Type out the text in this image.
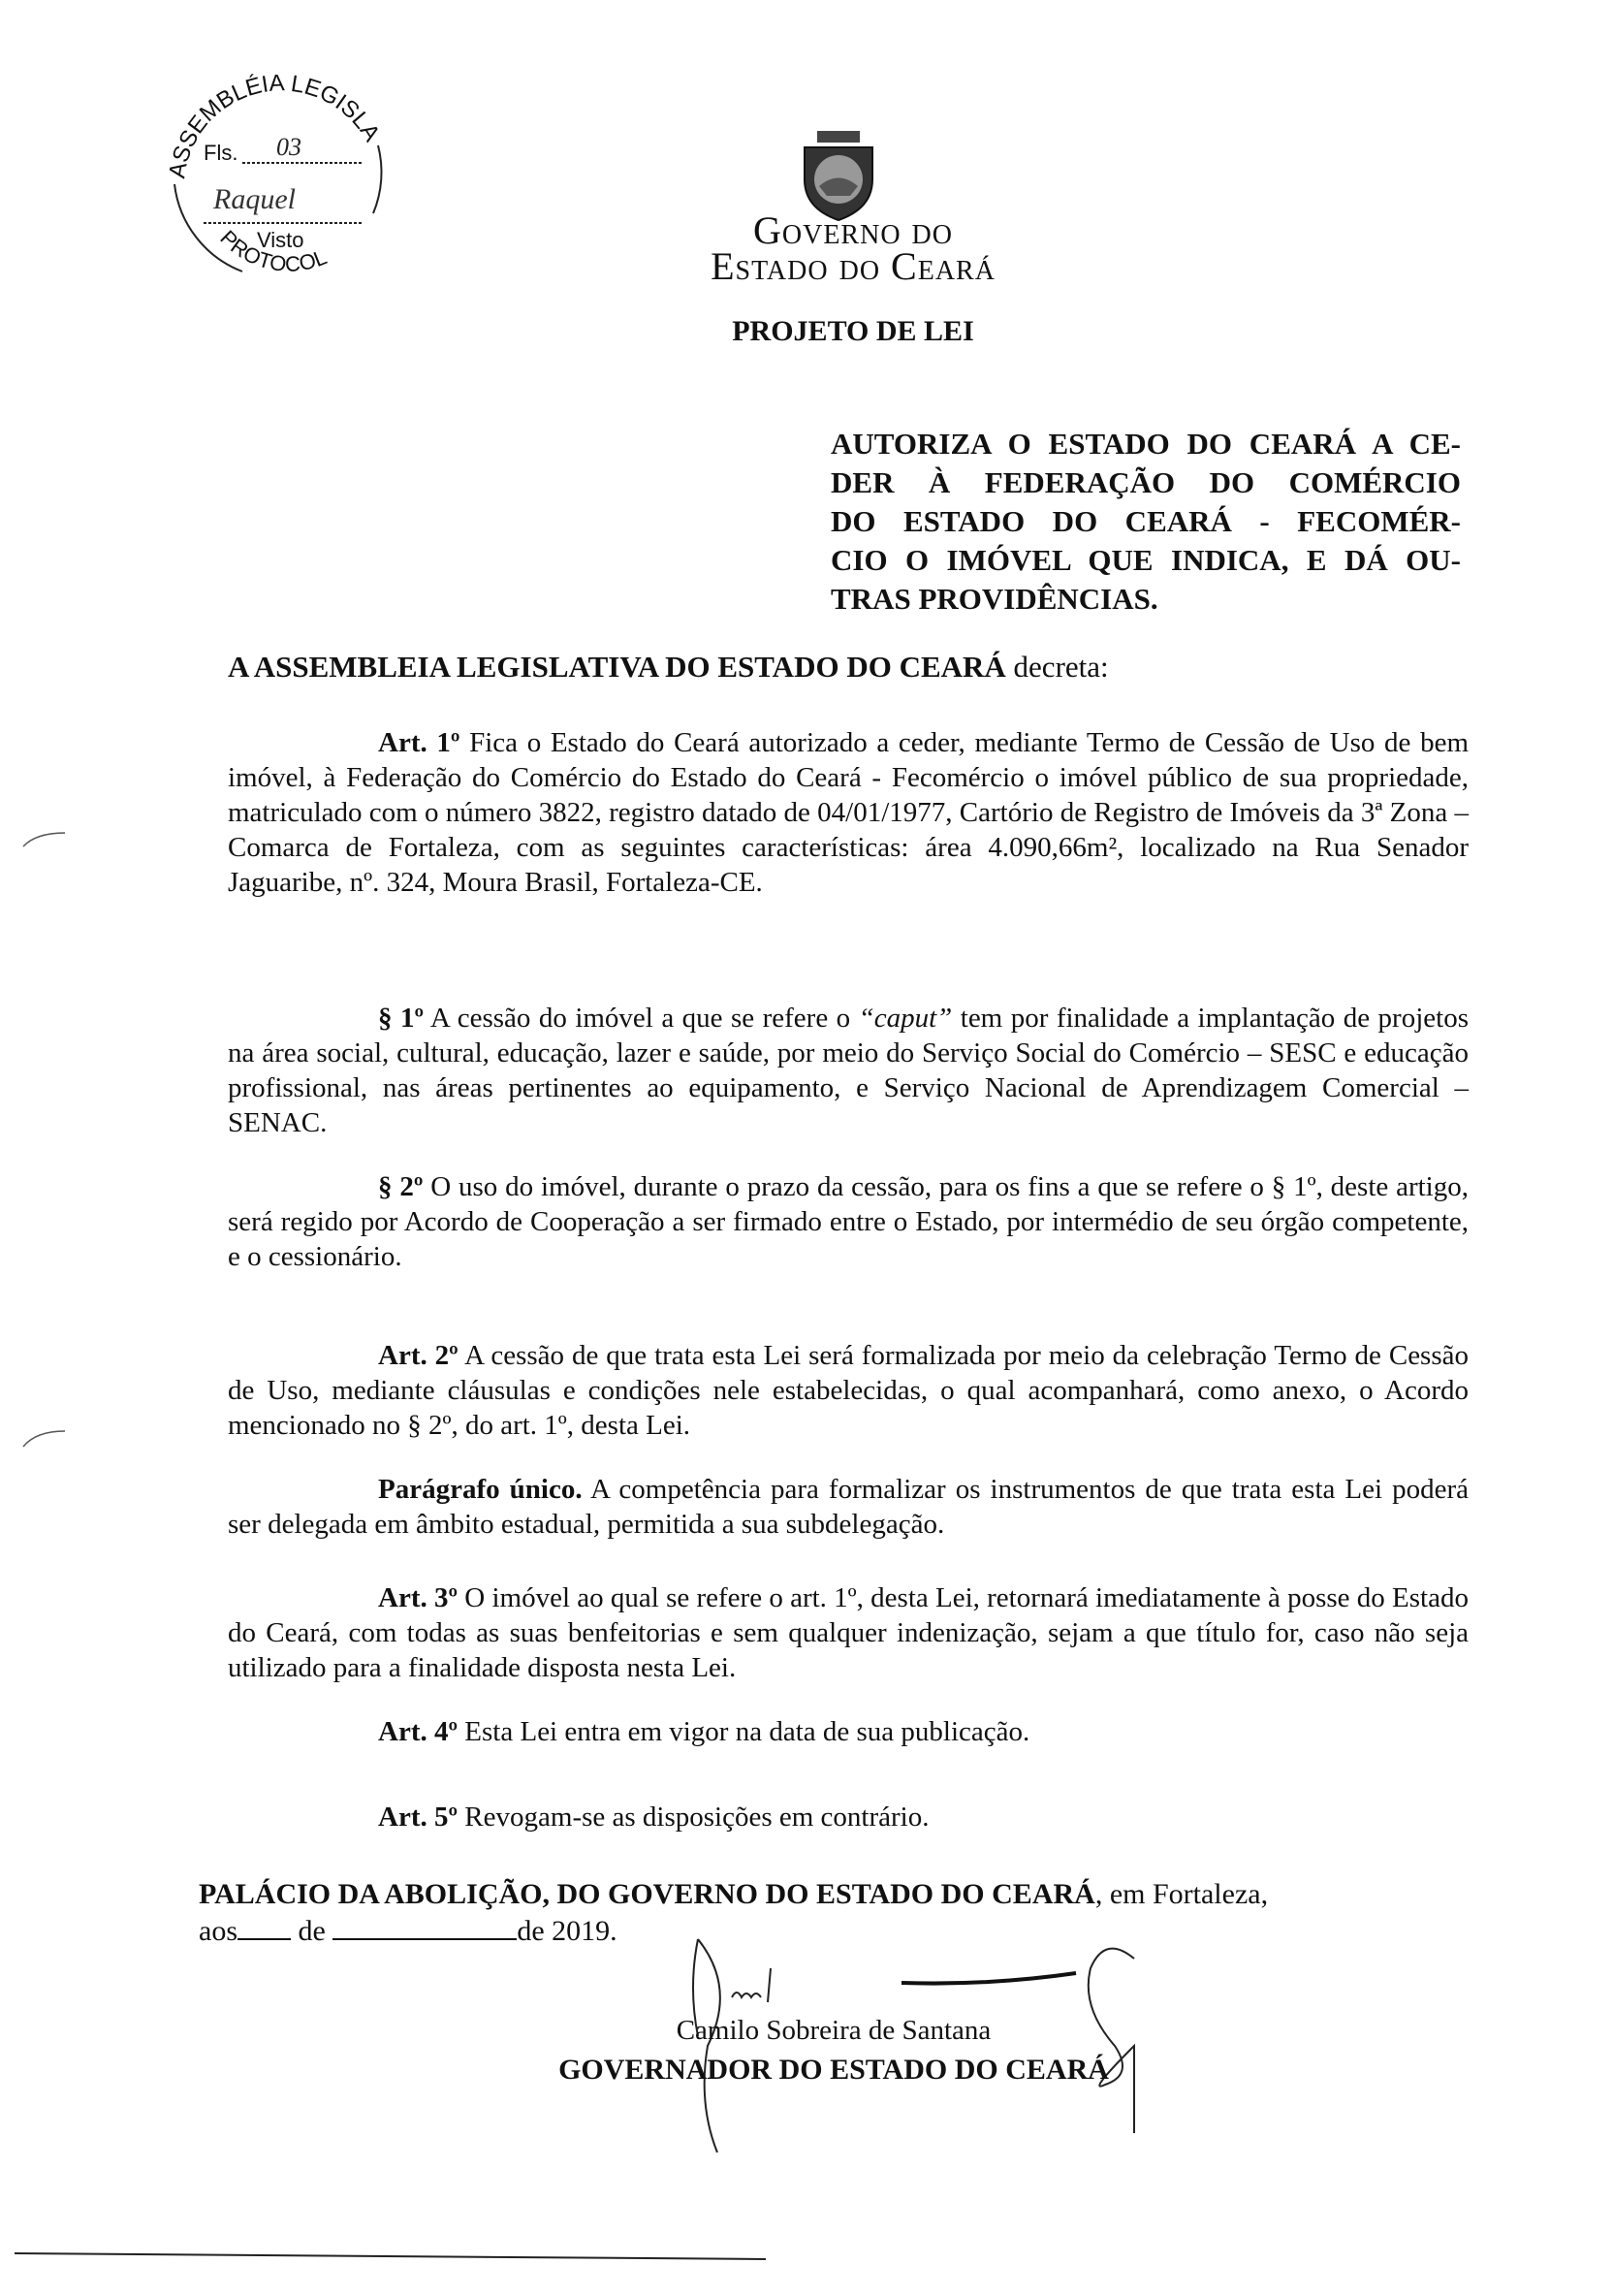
ASSEMBLÉIA LEGISLA
PROTOCOL
Fls. 03
Raquel
Visto	Governo do
Estado do Ceará
PROJETO DE LEI
AUTORIZA O ESTADO DO CEARÁ A CE-
DER À FEDERAÇÃO DO COMÉRCIO
DO ESTADO DO CEARÁ - FECOMÉR-
CIO O IMÓVEL QUE INDICA, E DÁ OU-
TRAS PROVIDÊNCIAS.
A ASSEMBLEIA LEGISLATIVA DO ESTADO DO CEARÁ decreta:
Art. 1º Fica o Estado do Ceará autorizado a ceder, mediante Termo de Cessão de Uso de bem imóvel, à Federação do Comércio do Estado do Ceará - Fecomércio o imóvel público de sua propriedade, matriculado com o número 3822, registro datado de 04/01/1977, Cartório de Registro de Imóveis da 3ª Zona – Comarca de Fortaleza, com as seguintes características: área 4.090,66m², localizado na Rua Senador Jaguaribe, nº. 324, Moura Brasil, Fortaleza-CE.
§ 1º A cessão do imóvel a que se refere o “caput” tem por finalidade a implantação de projetos na área social, cultural, educação, lazer e saúde, por meio do Serviço Social do Comércio – SESC e educação profissional, nas áreas pertinentes ao equipamento, e Serviço Nacional de Aprendizagem Comercial – SENAC.
§ 2º O uso do imóvel, durante o prazo da cessão, para os fins a que se refere o § 1º, deste artigo, será regido por Acordo de Cooperação a ser firmado entre o Estado, por intermédio de seu órgão competente, e o cessionário.
Art. 2º A cessão de que trata esta Lei será formalizada por meio da celebração Termo de Cessão de Uso, mediante cláusulas e condições nele estabelecidas, o qual acompanhará, como anexo, o Acordo mencionado no § 2º, do art. 1º, desta Lei.
Parágrafo único. A competência para formalizar os instrumentos de que trata esta Lei poderá ser delegada em âmbito estadual, permitida a sua subdelegação.
Art. 3º O imóvel ao qual se refere o art. 1º, desta Lei, retornará imediatamente à posse do Estado do Ceará, com todas as suas benfeitorias e sem qualquer indenização, sejam a que título for, caso não seja utilizado para a finalidade disposta nesta Lei.
Art. 4º Esta Lei entra em vigor na data de sua publicação.
Art. 5º Revogam-se as disposições em contrário.
PALÁCIO DA ABOLIÇÃO, DO GOVERNO DO ESTADO DO CEARÁ, em Fortaleza,
aos de	de 2019.
Camilo Sobreira de Santana
GOVERNADOR DO ESTADO DO CEARÁ
